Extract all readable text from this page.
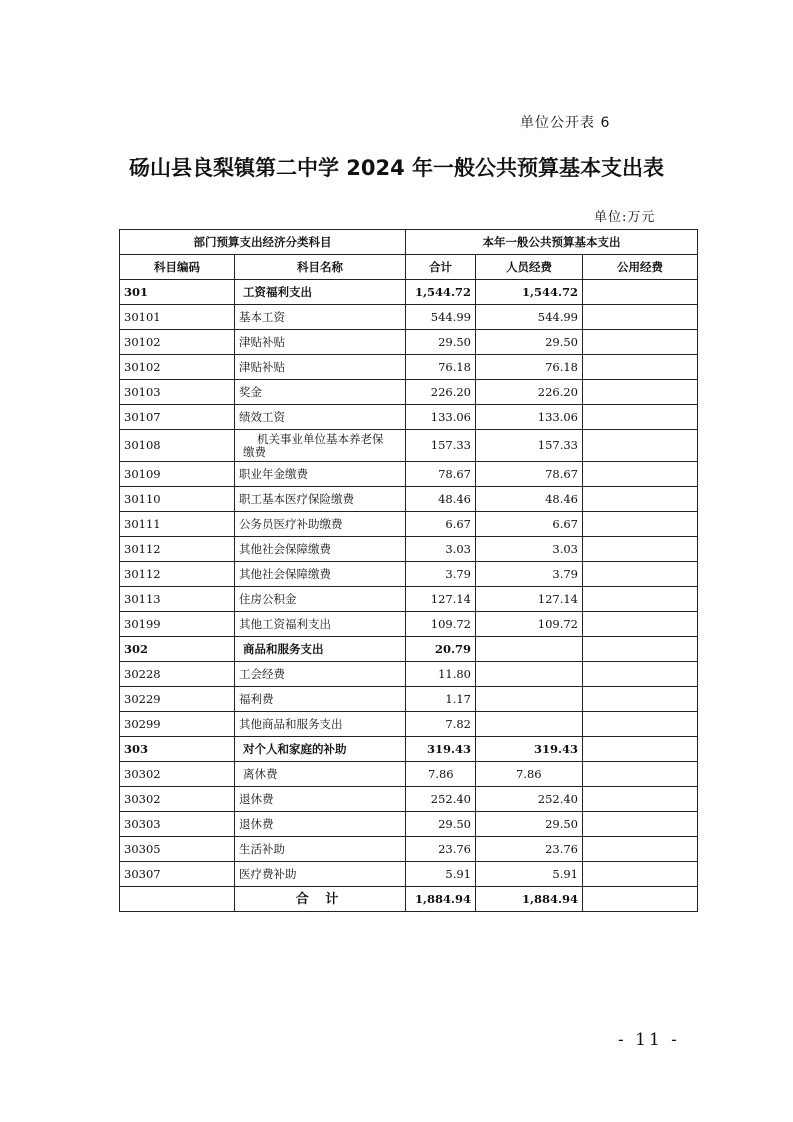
单位公开表 6
砀山县良梨镇第二中学 2024 年一般公共预算基本支出表
单位:万元
部门预算支出经济分类科目		本年一般公共预算基本支出		
科目编码	科目名称	合计	人员经费	公用经费
301	工资福利支出	1,544.72	1,544.72	
30101	基本工资	544.99	544.99	
30102	津贴补贴	29.50	29.50	
30102	津贴补贴	76.18	76.18	
30103	奖金	226.20	226.20	
30107	绩效工资	133.06	133.06	
30108	机关事业单位基本养老保
缴费	157.33	157.33	
30109	职业年金缴费	78.67	78.67	
30110	职工基本医疗保险缴费	48.46	48.46	
30111	公务员医疗补助缴费	6.67	6.67	
30112	其他社会保障缴费	3.03	3.03	
30112	其他社会保障缴费	3.79	3.79	
30113	住房公积金	127.14	127.14	
30199	其他工资福利支出	109.72	109.72	
302	商品和服务支出	20.79		
30228	工会经费	11.80		
30229	福利费	1.17		
30299	其他商品和服务支出	7.82		
303	对个人和家庭的补助	319.43	319.43	
30302	离休费	7.86	7.86	
30302	退休费	252.40	252.40	
30303	退休费	29.50	29.50	
30305	生活补助	23.76	23.76	
30307	医疗费补助	5.91	5.91	
	合 计	1,884.94	1,884.94	
- 11 -
